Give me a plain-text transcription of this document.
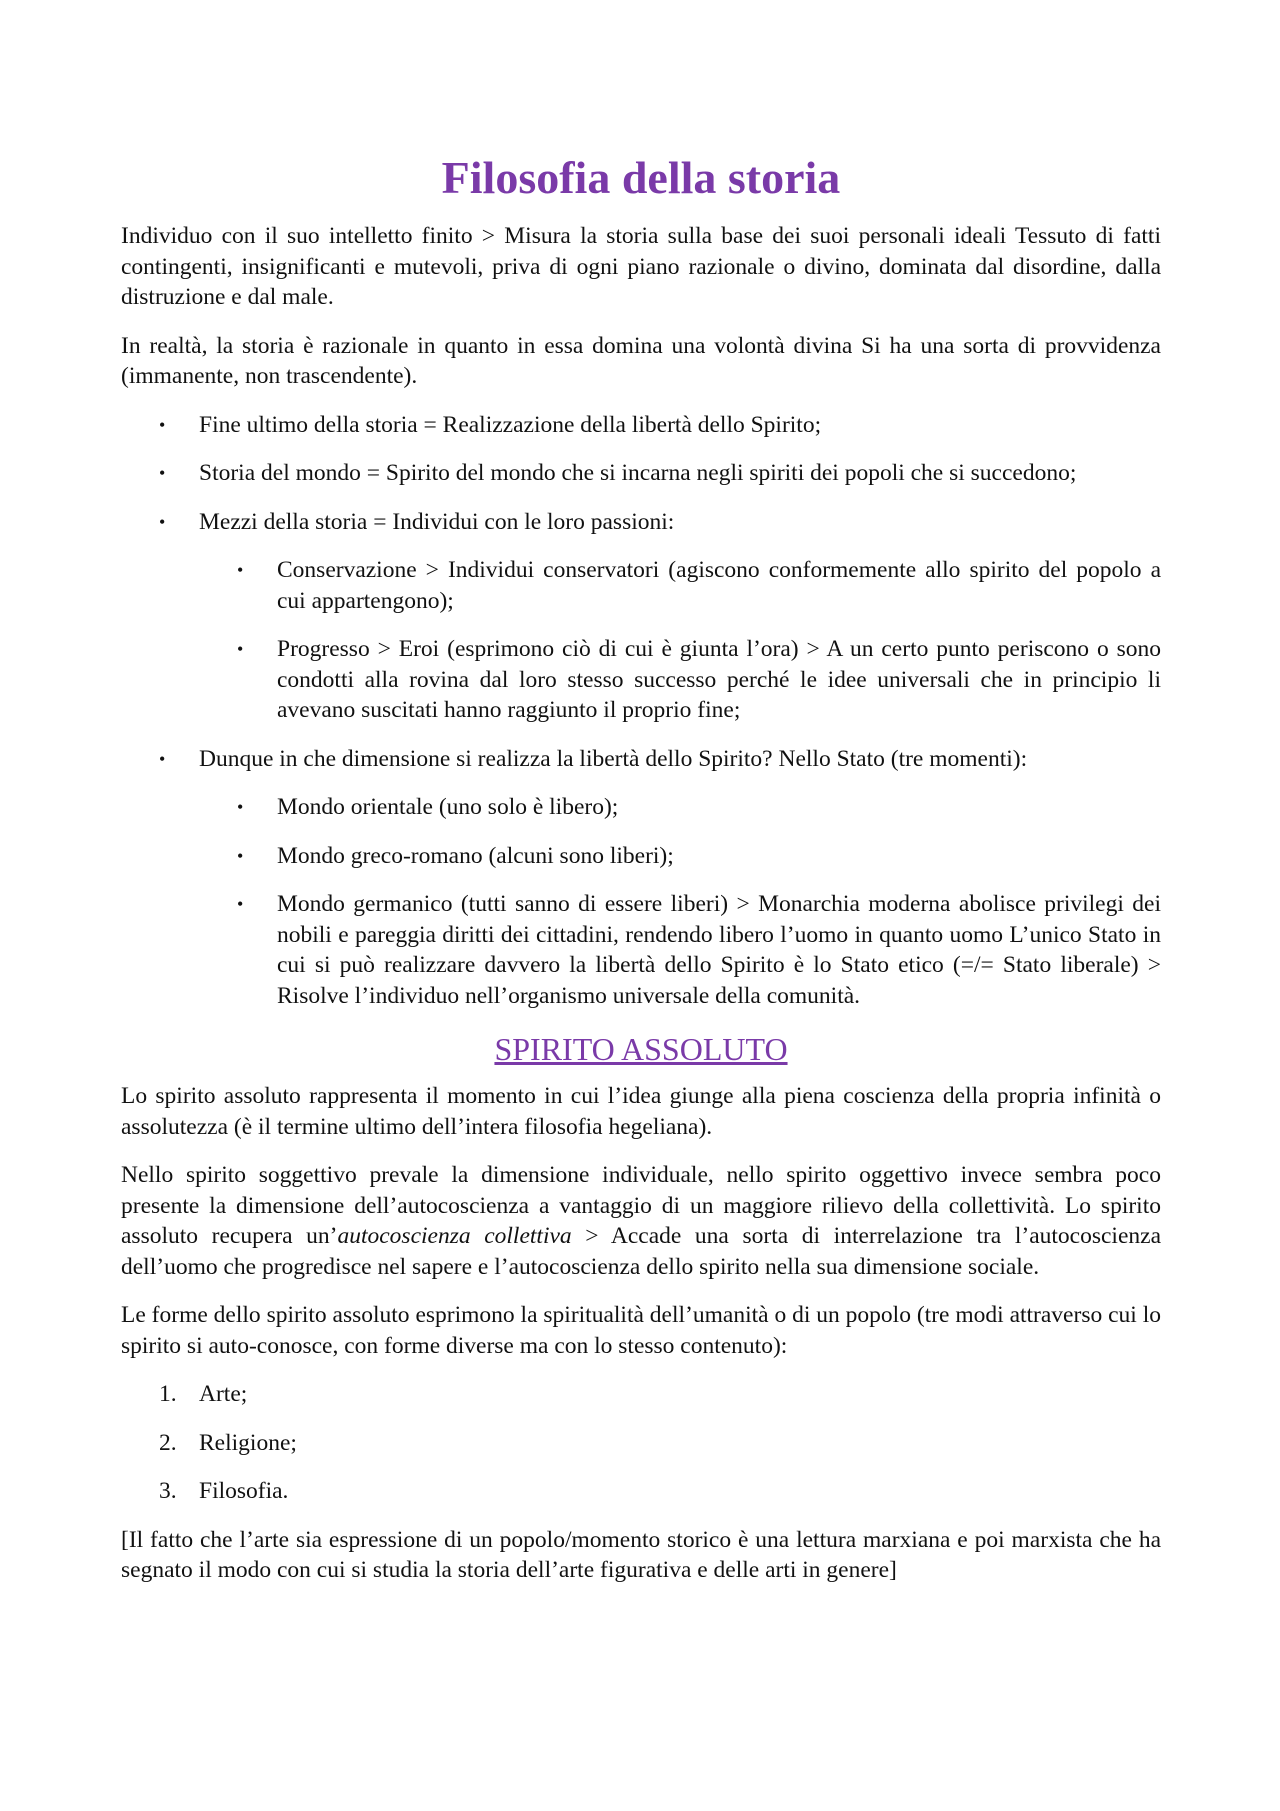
Filosofia della storia

Individuo con il suo intelletto finito > Misura la storia sulla base dei suoi personali ideali Tessuto di fatti contingenti, insignificanti e mutevoli, priva di ogni piano razionale o divino, dominata dal disordine, dalla distruzione e dal male.

In realtà, la storia è razionale in quanto in essa domina una volontà divina Si ha una sorta di provvidenza (immanente, non trascendente).

• Fine ultimo della storia = Realizzazione della libertà dello Spirito;
• Storia del mondo = Spirito del mondo che si incarna negli spiriti dei popoli che si succedono;
• Mezzi della storia = Individui con le loro passioni:
• Conservazione > Individui conservatori (agiscono conformemente allo spirito del popolo a cui appartengono);
• Progresso > Eroi (esprimono ciò di cui è giunta l’ora) > A un certo punto periscono o sono condotti alla rovina dal loro stesso successo perché le idee universali che in principio li avevano suscitati hanno raggiunto il proprio fine;
• Dunque in che dimensione si realizza la libertà dello Spirito? Nello Stato (tre momenti):
• Mondo orientale (uno solo è libero);
• Mondo greco-romano (alcuni sono liberi);
• Mondo germanico (tutti sanno di essere liberi) > Monarchia moderna abolisce privilegi dei nobili e pareggia diritti dei cittadini, rendendo libero l’uomo in quanto uomo L’unico Stato in cui si può realizzare davvero la libertà dello Spirito è lo Stato etico (=/= Stato liberale) > Risolve l’individuo nell’organismo universale della comunità.
SPIRITO ASSOLUTO

Lo spirito assoluto rappresenta il momento in cui l’idea giunge alla piena coscienza della propria infinità o assolutezza (è il termine ultimo dell’intera filosofia hegeliana).

Nello spirito soggettivo prevale la dimensione individuale, nello spirito oggettivo invece sembra poco presente la dimensione dell’autocoscienza a vantaggio di un maggiore rilievo della collettività. Lo spirito assoluto recupera un’autocoscienza collettiva > Accade una sorta di interrelazione tra l’autocoscienza dell’uomo che progredisce nel sapere e l’autocoscienza dello spirito nella sua dimensione sociale.

Le forme dello spirito assoluto esprimono la spiritualità dell’umanità o di un popolo (tre modi attraverso cui lo spirito si auto-conosce, con forme diverse ma con lo stesso contenuto):

1. Arte;
2. Religione;
3. Filosofia.

[Il fatto che l’arte sia espressione di un popolo/momento storico è una lettura marxiana e poi marxista che ha segnato il modo con cui si studia la storia dell’arte figurativa e delle arti in genere]
